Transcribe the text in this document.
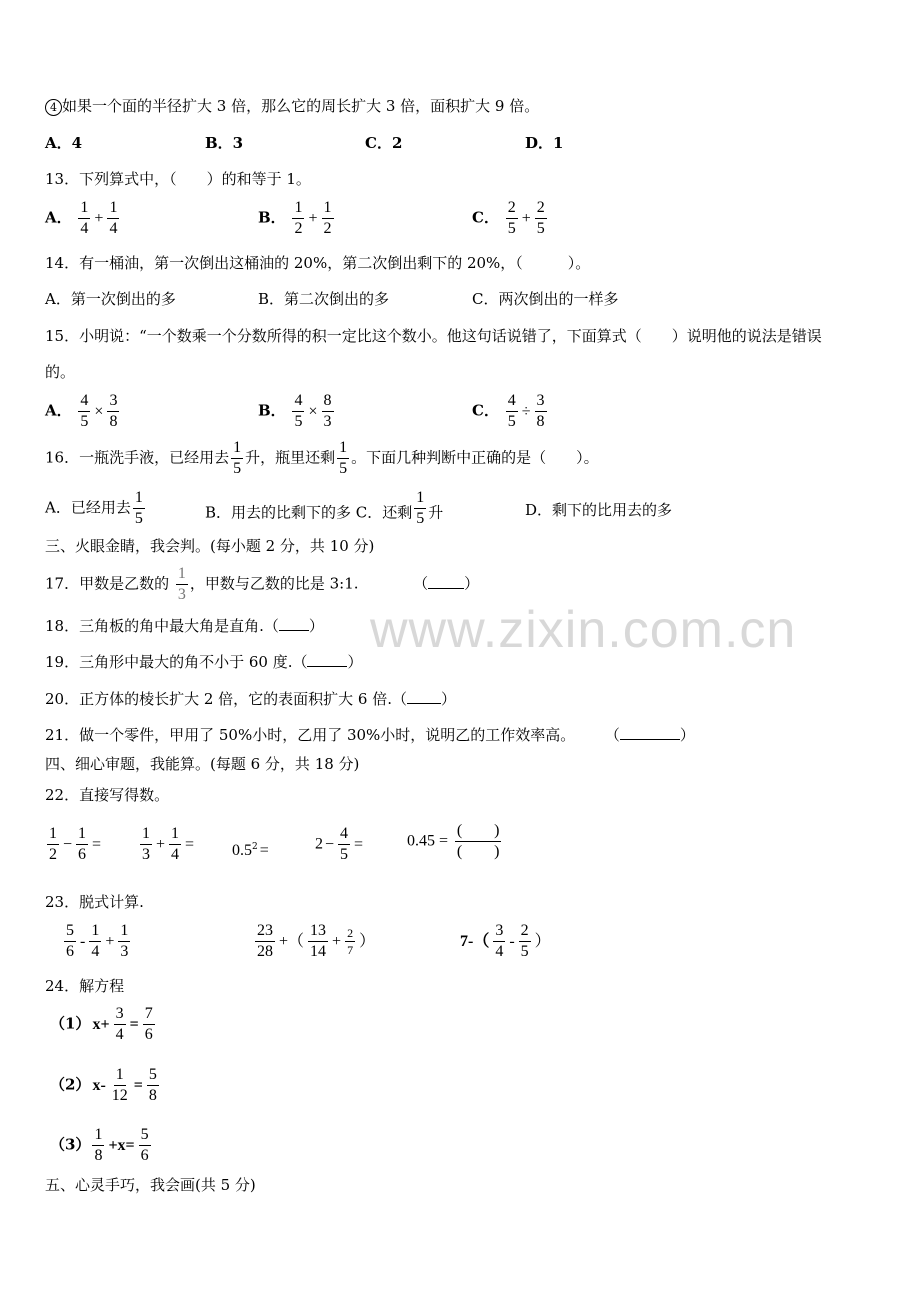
www.zixin.com.cn
4 如果一个面的半径扩大 3 倍，那么它的周长扩大 3 倍，面积扩大 9 倍。
A．4	B．3	C．2	D．1
13．下列算式中，（　　）的和等于 1。
A． $\frac{1}{4} + \frac{1}{4}$	B． $\frac{1}{2} + \frac{1}{2}$	C． $\frac{2}{5} + \frac{2}{5}$
14．有一桶油，第一次倒出这桶油的 20%，第二次倒出剩下的 20%，（　　　）。
A．第一次倒出的多	B．第二次倒出的多	C．两次倒出的一样多
15．小明说：“一个数乘一个分数所得的积一定比这个数小。他这句话说错了，下面算式（　　）说明他的说法是错误
的。
A． $\frac{4}{5} \times \frac{3}{8}$	B． $\frac{4}{5} \times \frac{8}{3}$	C． $\frac{4}{5} \div \frac{3}{8}$
16．一瓶洗手液，已经用去 $\frac{1}{5}$ 升，瓶里还剩 $\frac{1}{5}$ 。下面几种判断中正确的是（　　）。
A．已经用去 $\frac{1}{5}$	B．用去的比剩下的多 C．还剩 $\frac{1}{5}$ 升	D．剩下的比用去的多
三、火眼金睛，我会判。(每小题 2 分，共 10 分)
17．甲数是乙数的 $\frac{1}{3}$ ，甲数与乙数的比是 3:1.	（ ）
18．三角板的角中最大角是直角.（ ）
19．三角形中最大的角不小于 60 度.（	）
20．正方体的棱长扩大 2 倍，它的表面积扩大 6 倍.（ ）
21．做一个零件，甲用了 50%小时，乙用了 30%小时，说明乙的工作效率高。 （	）
四、细心审题，我能算。(每题 6 分，共 18 分)
22．直接写得数。
$\frac{1}{2} - \frac{1}{6} = \frac{1}{3} + \frac{1}{4} = 0.5^2$ =	$2 - \frac{4}{5}$ =	$0.45 = \frac{( )}{( )}$
23．脱式计算.
$\frac{5}{6} - \frac{1}{4} + \frac{1}{3}$	$\frac{23}{28}$ +（ $\frac{13}{14} + \frac{2}{7}$ ）	$7-( \frac{3}{4} - \frac{2}{5}$ ）
24．解方程
（1） $x+ \frac{3}{4} = \frac{7}{6}$
（2） $x- \frac{1}{12} = \frac{5}{8}$
$(3) \frac{1}{8} +x= \frac{5}{6}$
五、心灵手巧，我会画(共 5 分)
